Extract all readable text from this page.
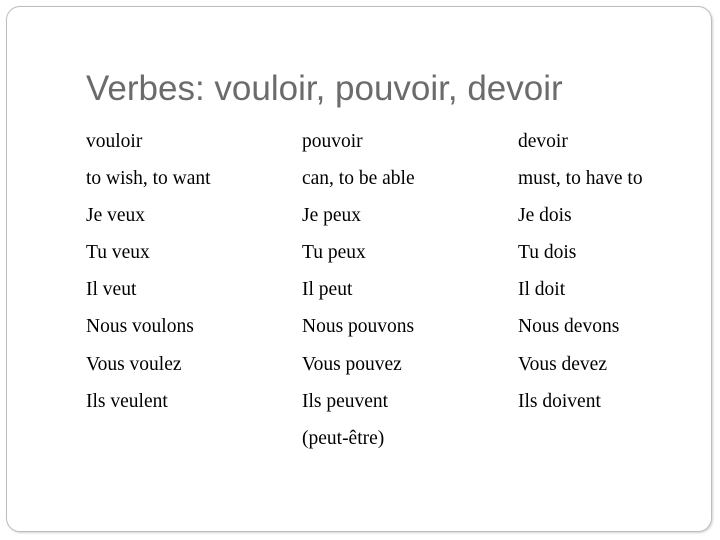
Verbes: vouloir, pouvoir, devoir
vouloir
to wish, to want
Je veux
Tu veux
Il veut
Nous voulons
Vous voulez
Ils veulent
pouvoir
can, to be able
Je peux
Tu peux
Il peut
Nous pouvons
Vous pouvez
Ils peuvent
(peut-être)
devoir
must, to have to
Je dois
Tu dois
Il doit
Nous devons
Vous devez
Ils doivent
